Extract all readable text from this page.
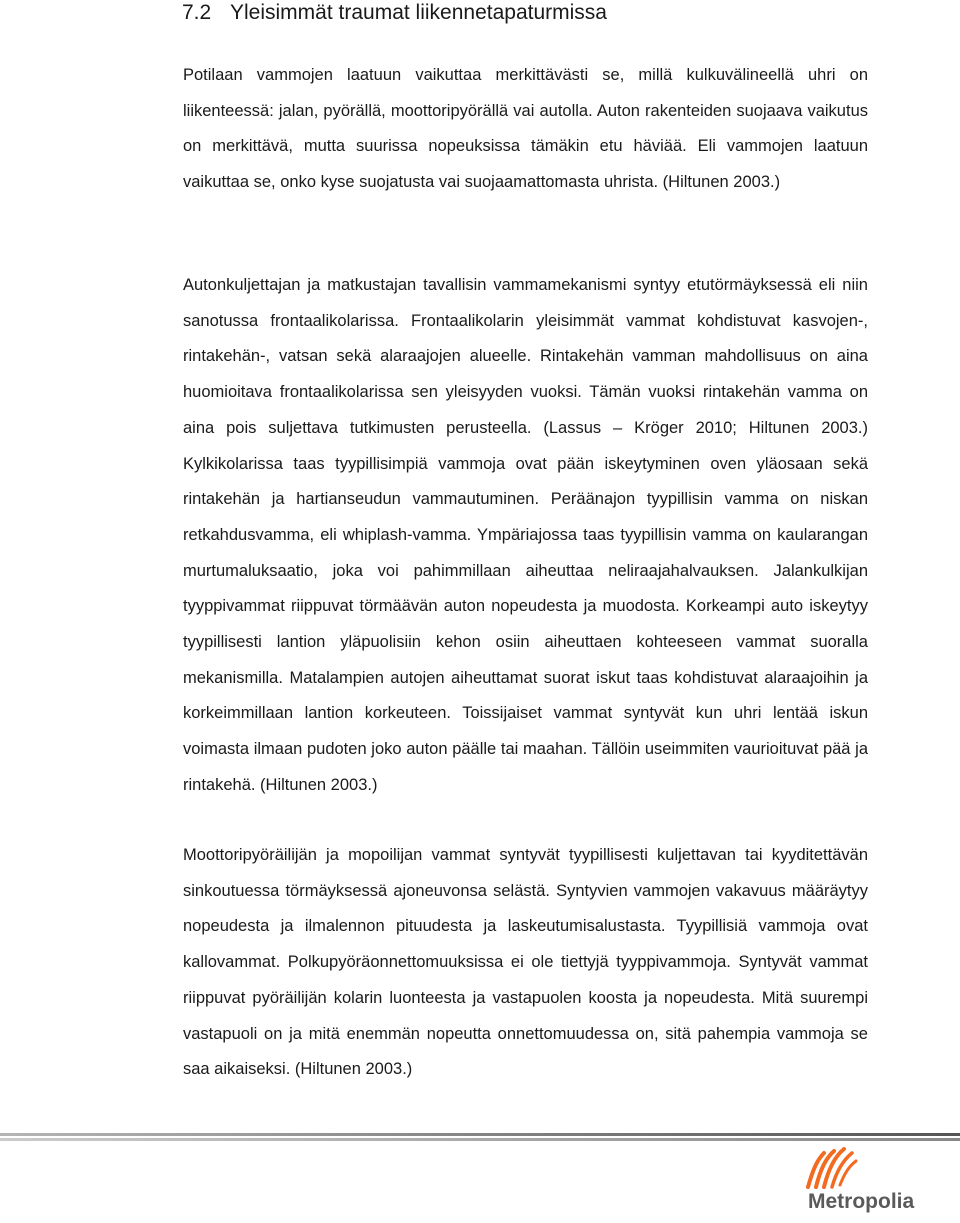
7.2 Yleisimmät traumat liikennetapaturmissa

Potilaan vammojen laatuun vaikuttaa merkittävästi se, millä kulkuvälineellä uhri on liikenteessä: jalan, pyörällä, moottoripyörällä vai autolla. Auton rakenteiden suojaava vaikutus on merkittävä, mutta suurissa nopeuksissa tämäkin etu häviää. Eli vammojen laatuun vaikuttaa se, onko kyse suojatusta vai suojaamattomasta uhrista. (Hiltunen 2003.)

Autonkuljettajan ja matkustajan tavallisin vammamekanismi syntyy etutörmäyksessä eli niin sanotussa frontaalikolarissa. Frontaalikolarin yleisimmät vammat kohdistuvat kasvojen-, rintakehän-, vatsan sekä alaraajojen alueelle. Rintakehän vamman mahdollisuus on aina huomioitava frontaalikolarissa sen yleisyyden vuoksi. Tämän vuoksi rintakehän vamma on aina pois suljettava tutkimusten perusteella. (Lassus – Kröger 2010; Hiltunen 2003.) Kylkikolarissa taas tyypillisimpiä vammoja ovat pään iskeytyminen oven yläosaan sekä rintakehän ja hartianseudun vammautuminen. Peräänajon tyypillisin vamma on niskan retkahdusvamma, eli whiplash-vamma. Ympäriajossa taas tyypillisin vamma on kaularangan murtumaluksaatio, joka voi pahimmillaan aiheuttaa neliraajahalvauksen. Jalankulkijan tyyppivammat riippuvat törmäävän auton nopeudesta ja muodosta. Korkeampi auto iskeytyy tyypillisesti lantion yläpuolisiin kehon osiin aiheuttaen kohteeseen vammat suoralla mekanismilla. Matalampien autojen aiheuttamat suorat iskut taas kohdistuvat alaraajoihin ja korkeimmillaan lantion korkeuteen. Toissijaiset vammat syntyvät kun uhri lentää iskun voimasta ilmaan pudoten joko auton päälle tai maahan. Tällöin useimmiten vaurioituvat pää ja rintakehä. (Hiltunen 2003.)

Moottoripyöräilijän ja mopoilijan vammat syntyvät tyypillisesti kuljettavan tai kyyditettävän sinkoutuessa törmäyksessä ajoneuvonsa selästä. Syntyvien vammojen vakavuus määräytyy nopeudesta ja ilmalennon pituudesta ja laskeutumisalustasta. Tyypillisiä vammoja ovat kallovammat. Polkupyöräonnettomuuksissa ei ole tiettyjä tyyppivammoja. Syntyvät vammat riippuvat pyöräilijän kolarin luonteesta ja vastapuolen koosta ja nopeudesta. Mitä suurempi vastapuoli on ja mitä enemmän nopeutta onnettomuudessa on, sitä pahempia vammoja se saa aikaiseksi. (Hiltunen 2003.)

Metropolia
